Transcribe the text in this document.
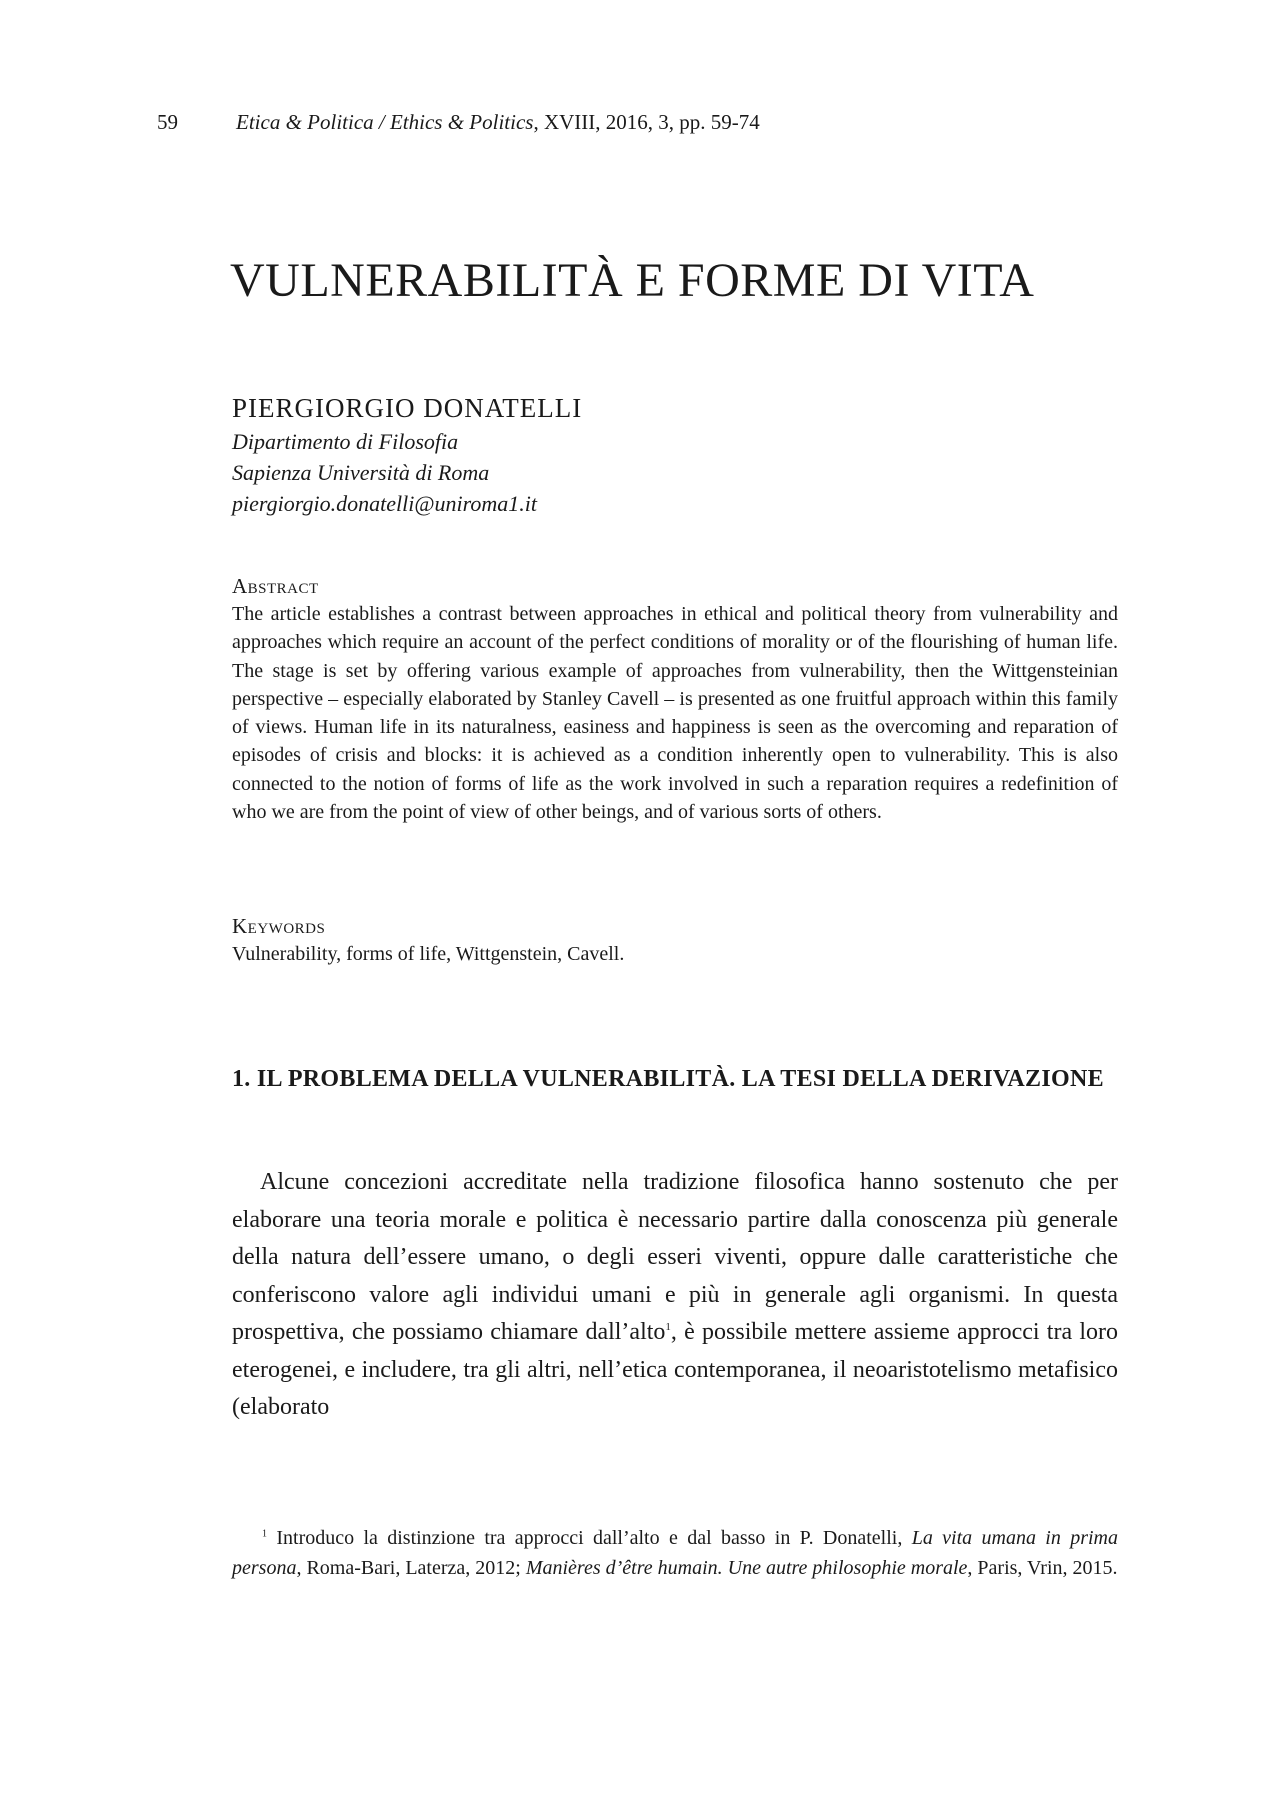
59	Etica & Politica / Ethics & Politics, XVIII, 2016, 3, pp. 59-74
VULNERABILITÀ E FORME DI VITA
PIERGIORGIO DONATELLI
Dipartimento di Filosofia
Sapienza Università di Roma
piergiorgio.donatelli@uniroma1.it
Abstract

The article establishes a contrast between approaches in ethical and political theory from vulnerability and approaches which require an account of the perfect conditions of morality or of the flourishing of human life. The stage is set by offering various example of approaches from vulnerability, then the Wittgensteinian perspective – especially elaborated by Stanley Cavell – is presented as one fruitful approach within this family of views. Human life in its naturalness, easiness and happiness is seen as the overcoming and reparation of episodes of crisis and blocks: it is achieved as a condition inherently open to vulnerability. This is also connected to the notion of forms of life as the work involved in such a reparation requires a redefinition of who we are from the point of view of other beings, and of various sorts of others.

Keywords

Vulnerability, forms of life, Wittgenstein, Cavell.

1. IL PROBLEMA DELLA VULNERABILITÀ. LA TESI DELLA DERIVAZIONE

Alcune concezioni accreditate nella tradizione filosofica hanno sostenuto che per elaborare una teoria morale e politica è necessario partire dalla conoscenza più generale della natura dell’essere umano, o degli esseri viventi, oppure dalle caratteristiche che conferiscono valore agli individui umani e più in generale agli organismi. In questa prospettiva, che possiamo chiamare dall’alto$^1$, è possibile mettere assieme approcci tra loro eterogenei, e includere, tra gli altri, nell’etica contemporanea, il neoaristotelismo metafisico (elaborato

$^1$ Introduco la distinzione tra approcci dall’alto e dal basso in P. Donatelli, La vita umana in prima persona, Roma-Bari, Laterza, 2012; Manières d’être humain. Une autre philosophie morale, Paris, Vrin, 2015.
